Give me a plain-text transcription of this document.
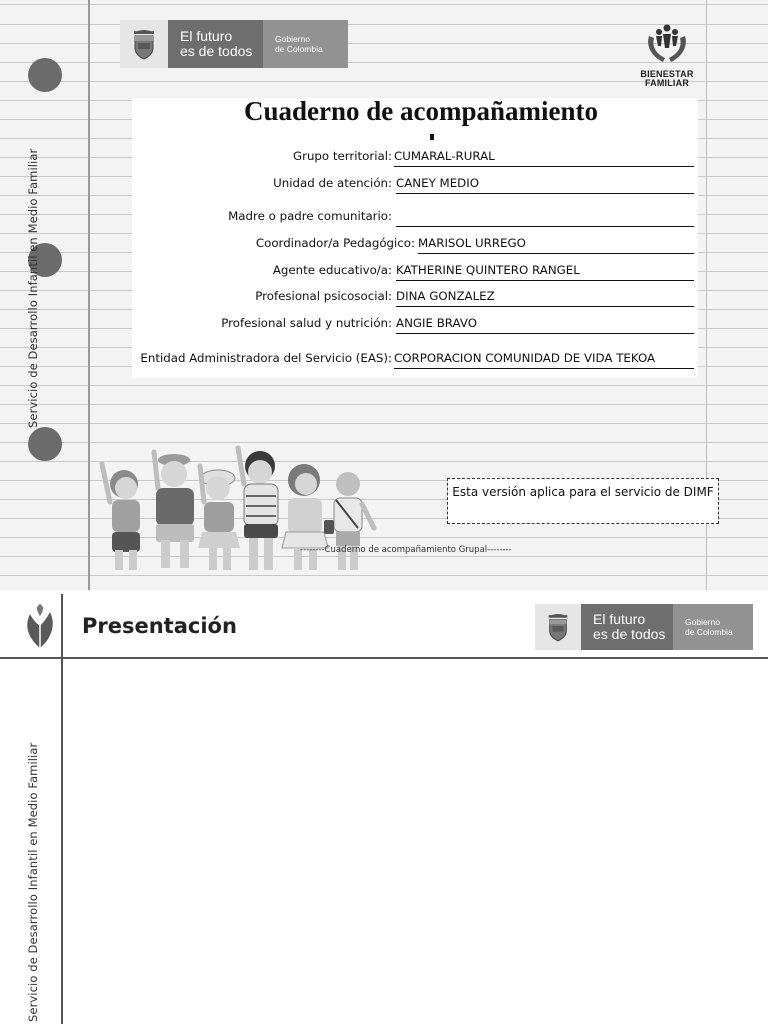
Servicio de Desarrollo Infantil en Medio Familiar
El futuro
es de todos
Gobierno
de Colombia
BIENESTAR
FAMILIAR
Cuaderno de acompañamiento
Grupo territorial: CUMARAL-RURAL
Unidad de atención: CANEY MEDIO
Madre o padre comunitario:
Coordinador/a Pedagógico: MARISOL URREGO
Agente educativo/a: KATHERINE QUINTERO RANGEL
Profesional psicosocial: DINA GONZALEZ
Profesional salud y nutrición: ANGIE BRAVO
Entidad Administradora del Servicio (EAS): CORPORACION COMUNIDAD DE VIDA TEKOA
--------Cuaderno de acompañamiento Grupal--------
Esta versión aplica para el servicio de DIMF
Presentación	El futuro
es de todos
Gobierno
de Colombia
Servicio de Desarrollo Infantil en Medio Familiar
